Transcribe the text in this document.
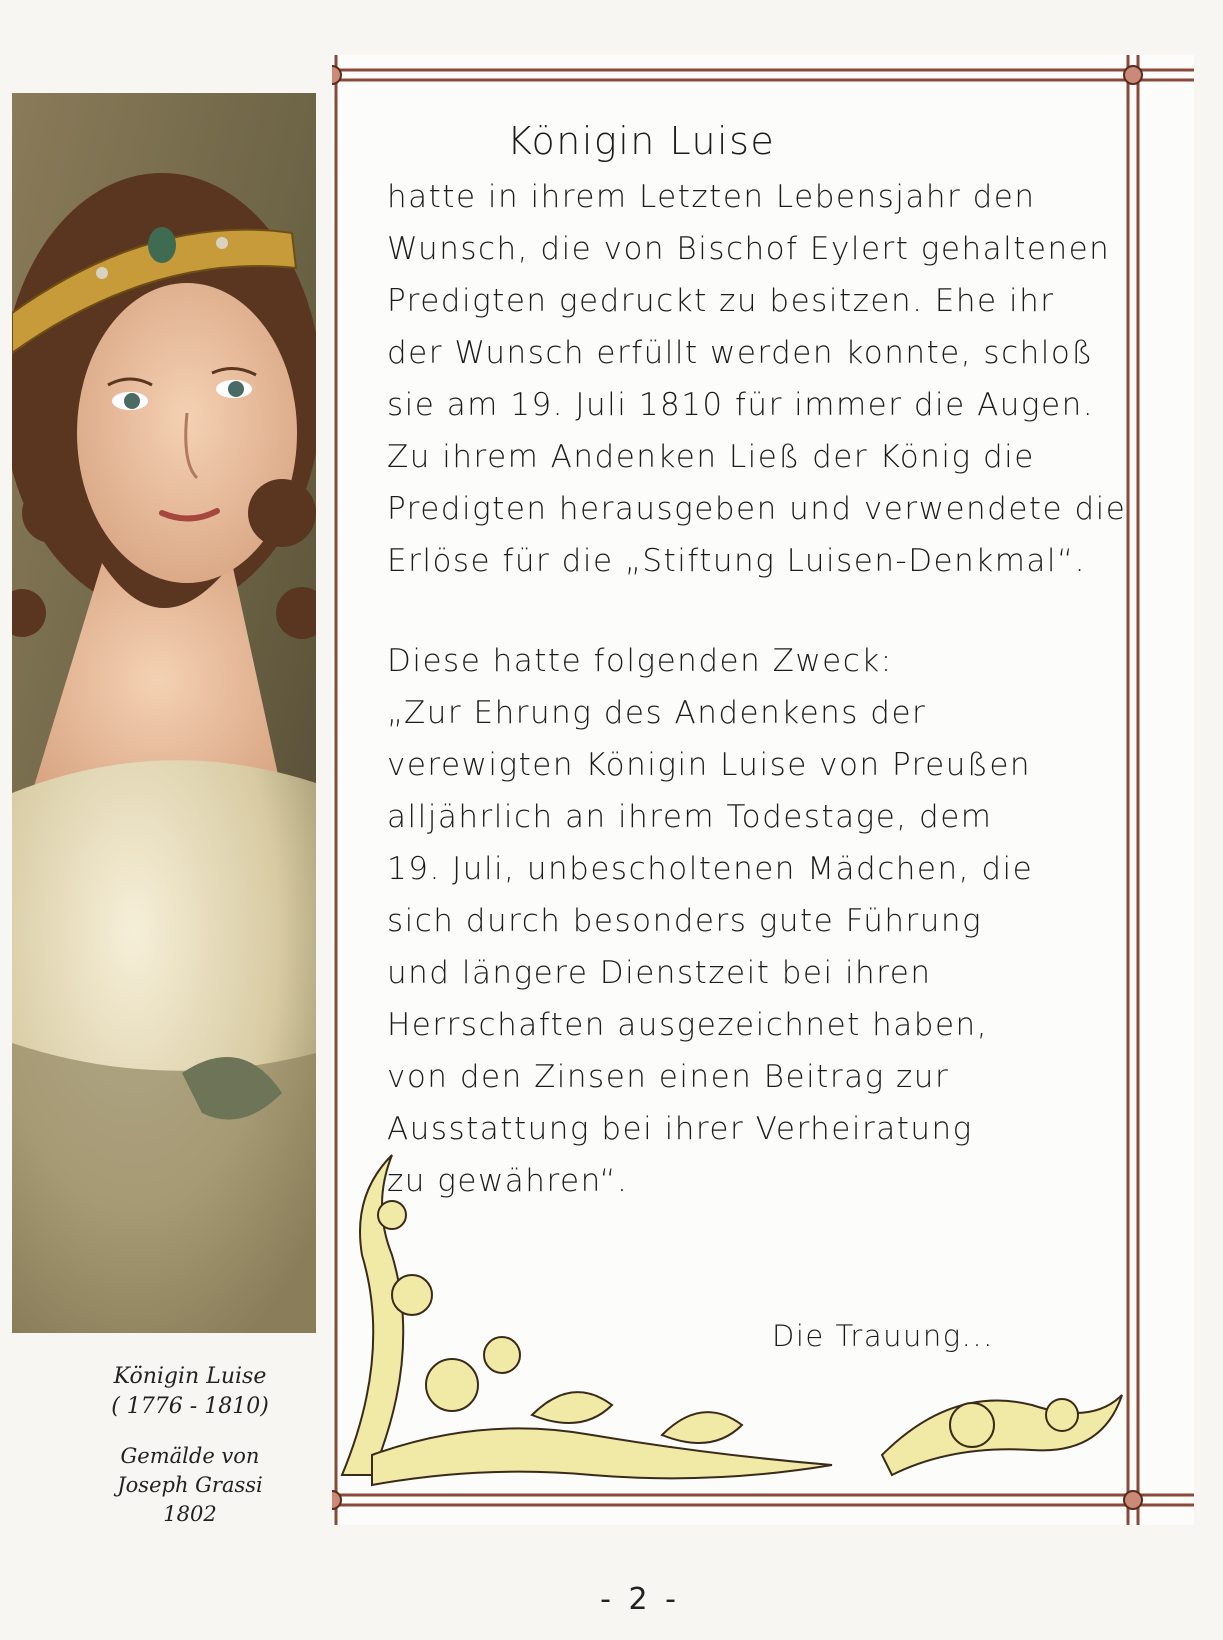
Königin Luise
( 1776 - 1810)
Gemälde von
Joseph Grassi
1802
Königin Luise
hatte in ihrem Letzten Lebensjahr den
Wunsch, die von Bischof Eylert gehaltenen
Predigten gedruckt zu besitzen. Ehe ihr
der Wunsch erfüllt werden konnte, schloß
sie am 19. Juli 1810 für immer die Augen.
Zu ihrem Andenken Ließ der König die
Predigten herausgeben und verwendete die
Erlöse für die „Stiftung Luisen-Denkmal“.
Diese hatte folgenden Zweck:
„Zur Ehrung des Andenkens der
verewigten Königin Luise von Preußen
alljährlich an ihrem Todestage, dem
19. Juli, unbescholtenen Mädchen, die
sich durch besonders gute Führung
und längere Dienstzeit bei ihren
Herrschaften ausgezeichnet haben,
von den Zinsen einen Beitrag zur
Ausstattung bei ihrer Verheiratung
zu gewähren“.
Die Trauung...
- 2 -
